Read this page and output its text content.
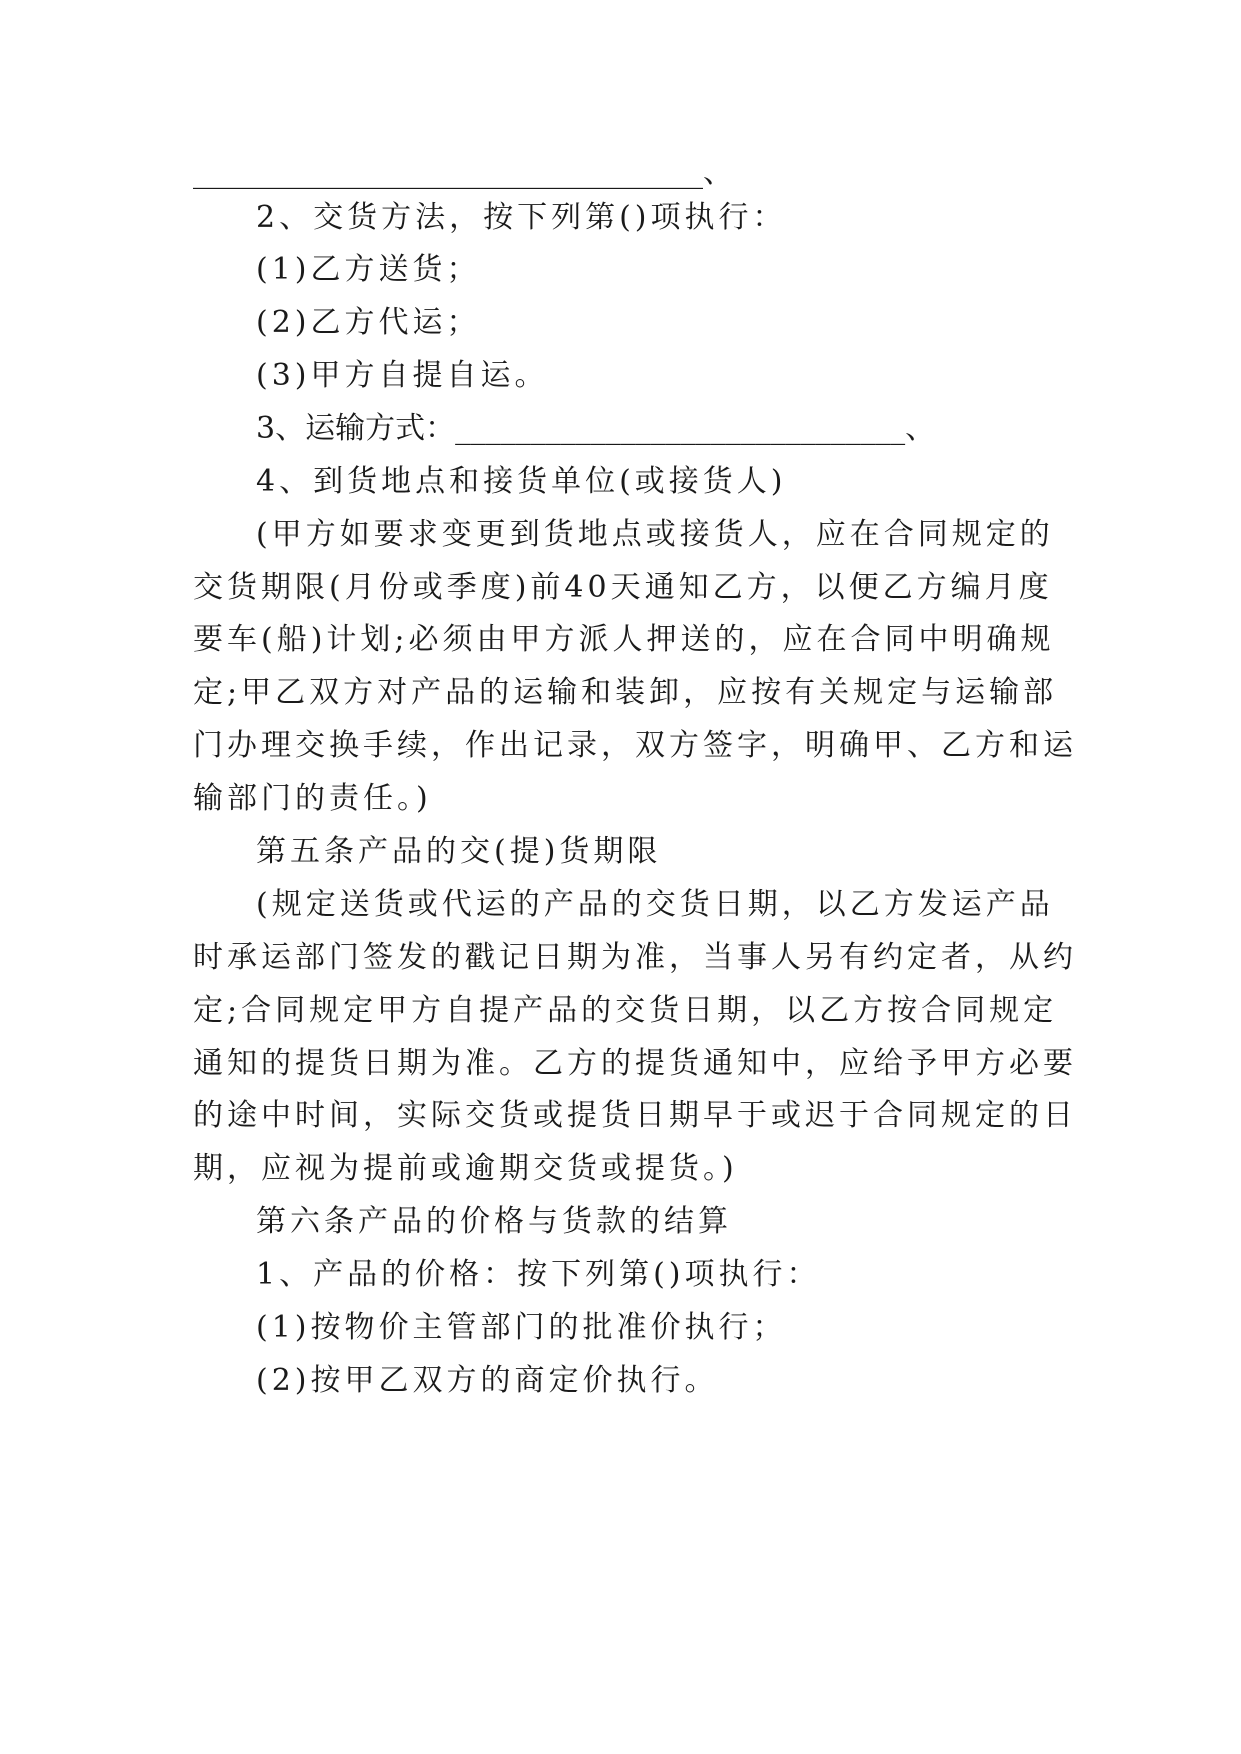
__________________________________、
2、交货方法，按下列第()项执行：
(1)乙方送货；
(2)乙方代运；
(3)甲方自提自运。
3、运输方式：______________________________、
4、到货地点和接货单位(或接货人)
(甲方如要求变更到货地点或接货人，应在合同规定的
交货期限(月份或季度)前40天通知乙方，以便乙方编月度
要车(船)计划;必须由甲方派人押送的，应在合同中明确规
定;甲乙双方对产品的运输和装卸，应按有关规定与运输部
门办理交换手续，作出记录，双方签字，明确甲、乙方和运
输部门的责任。)
第五条产品的交(提)货期限
(规定送货或代运的产品的交货日期，以乙方发运产品
时承运部门签发的戳记日期为准，当事人另有约定者，从约
定;合同规定甲方自提产品的交货日期，以乙方按合同规定
通知的提货日期为准。乙方的提货通知中，应给予甲方必要
的途中时间，实际交货或提货日期早于或迟于合同规定的日
期，应视为提前或逾期交货或提货。)
第六条产品的价格与货款的结算
1、产品的价格：按下列第()项执行：
(1)按物价主管部门的批准价执行；
(2)按甲乙双方的商定价执行。
